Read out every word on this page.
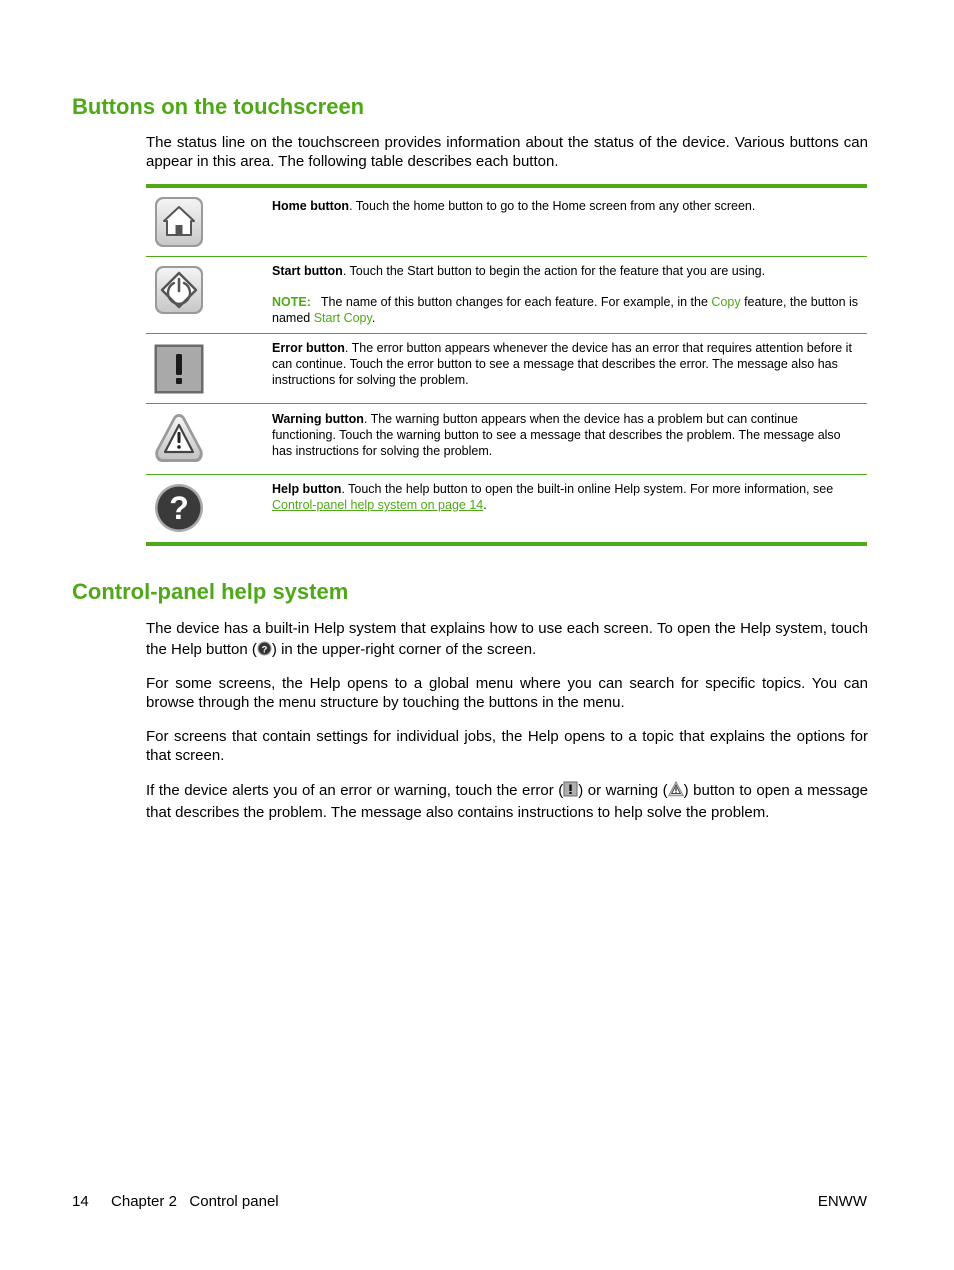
Buttons on the touchscreen

The status line on the touchscreen provides information about the status of the device. Various buttons can appear in this area. The following table describes each button.

Home button. Touch the home button to go to the Home screen from any other screen.
Start button. Touch the Start button to begin the action for the feature that you are using.
NOTE: The name of this button changes for each feature. For example, in the Copy feature, the button is named Start Copy.
Error button. The error button appears whenever the device has an error that requires attention before it can continue. Touch the error button to see a message that describes the error. The message also has instructions for solving the problem.
Warning button. The warning button appears when the device has a problem but can continue functioning. Touch the warning button to see a message that describes the problem. The message also has instructions for solving the problem.
?
Help button. Touch the help button to open the built-in online Help system. For more information, see Control-panel help system on page 14.
Control-panel help system

The device has a built-in Help system that explains how to use each screen. To open the Help system, touch the Help button ( ? ) in the upper-right corner of the screen.

For some screens, the Help opens to a global menu where you can search for specific topics. You can browse through the menu structure by touching the buttons in the menu.

For screens that contain settings for individual jobs, the Help opens to a topic that explains the options for that screen.

If the device alerts you of an error or warning, touch the error ( ) or warning ( ) button to open a message that describes the problem. The message also contains instructions to help solve the problem.

14 Chapter 2   Control panel	ENWW
